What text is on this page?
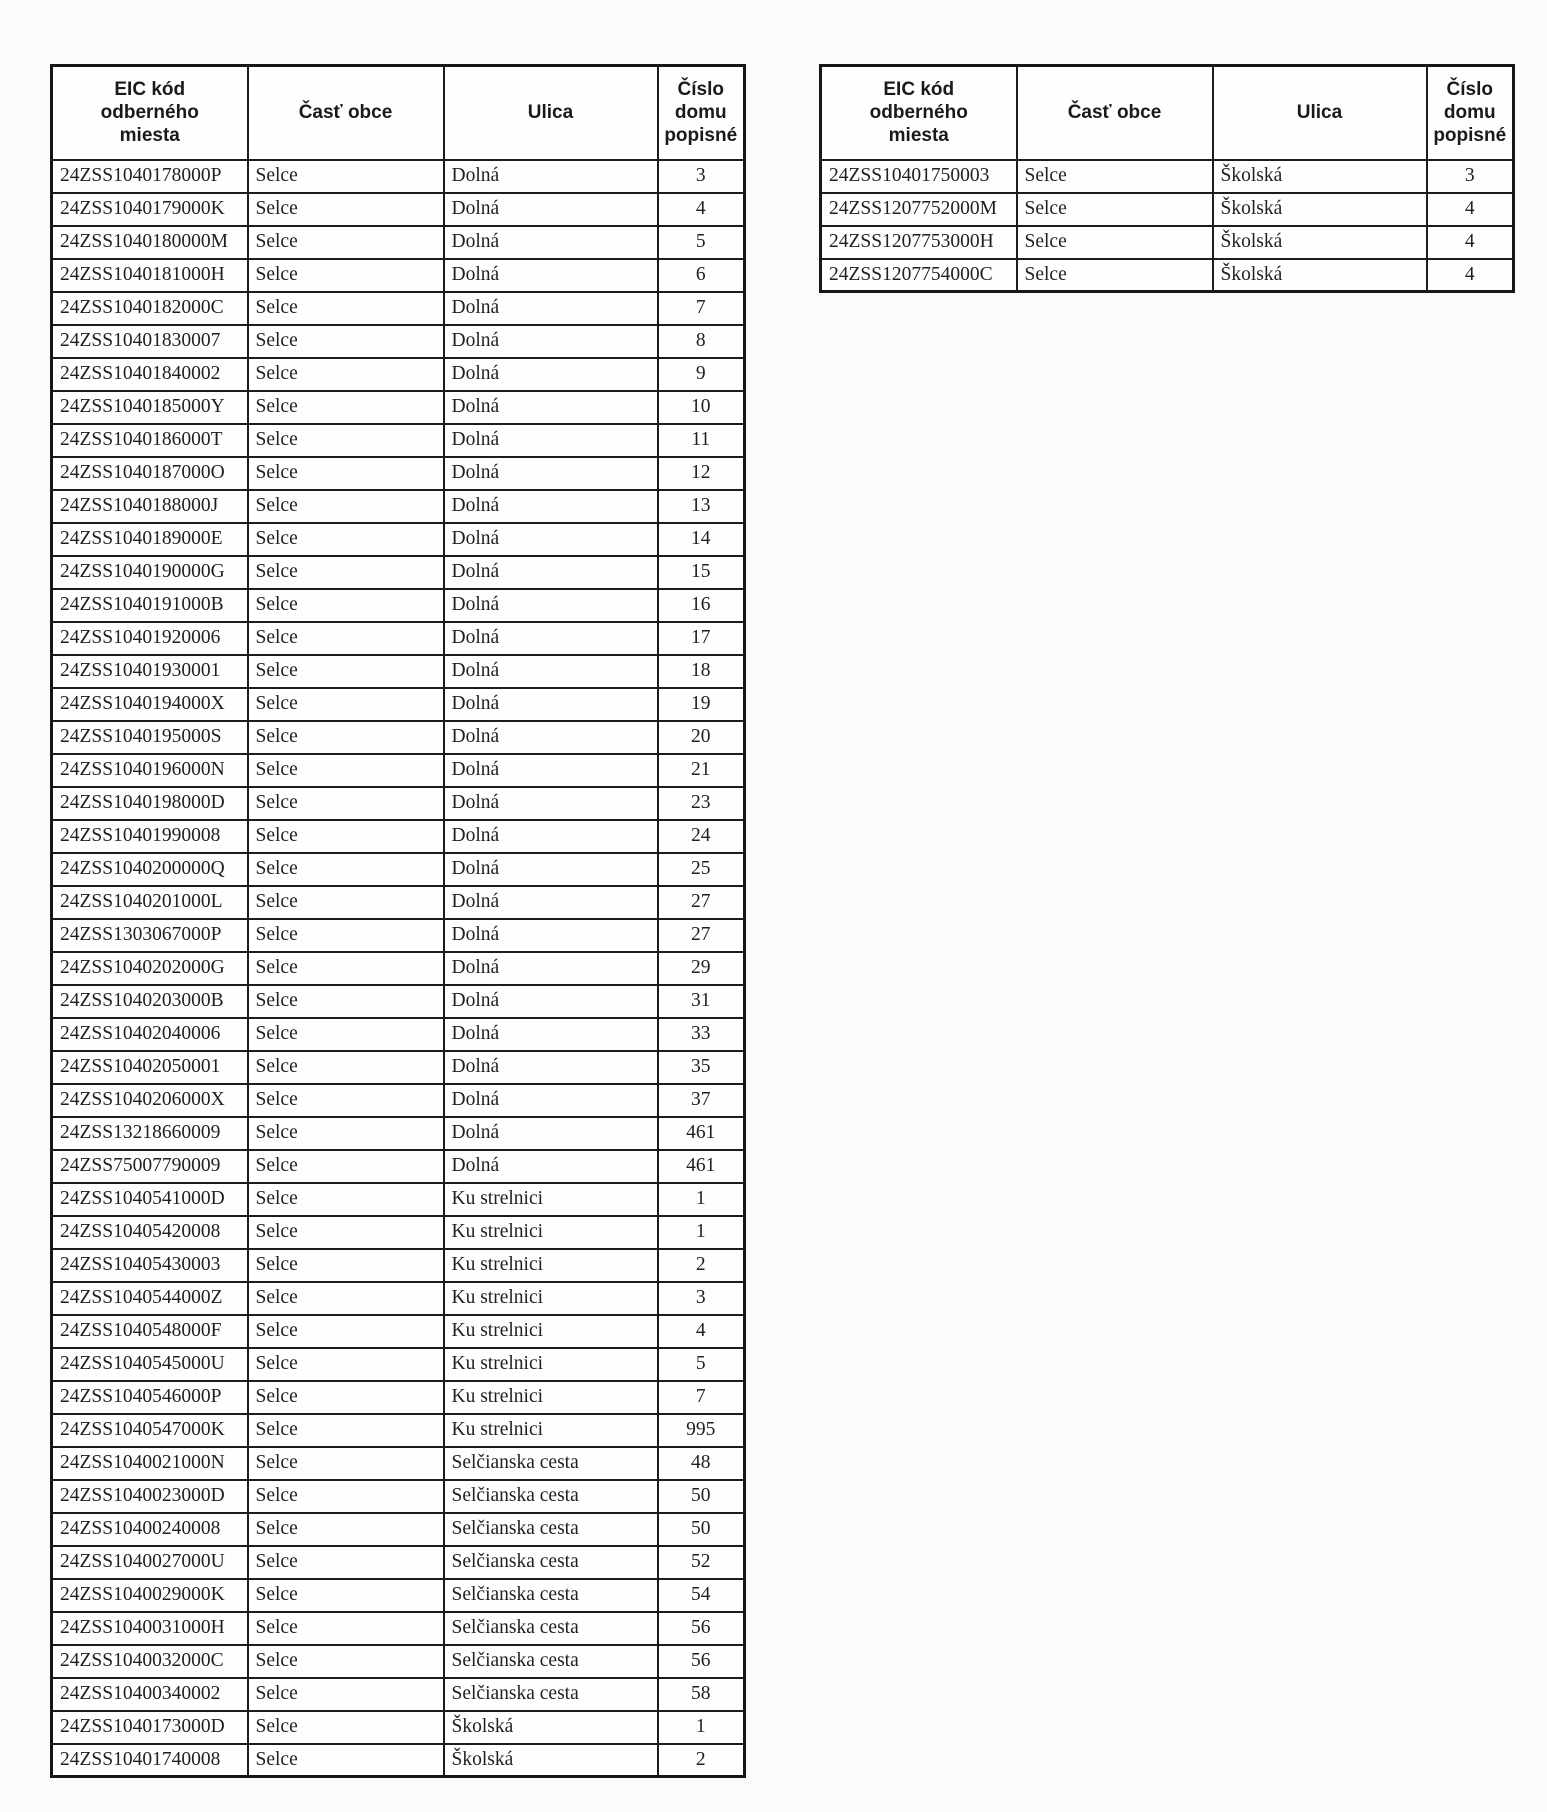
EIC kód odberného miesta	Časť obce	Ulica	Číslo domu popisné
24ZSS1040178000P	Selce	Dolná	3
24ZSS1040179000K	Selce	Dolná	4
24ZSS1040180000M	Selce	Dolná	5
24ZSS1040181000H	Selce	Dolná	6
24ZSS1040182000C	Selce	Dolná	7
24ZSS10401830007	Selce	Dolná	8
24ZSS10401840002	Selce	Dolná	9
24ZSS1040185000Y	Selce	Dolná	10
24ZSS1040186000T	Selce	Dolná	11
24ZSS1040187000O	Selce	Dolná	12
24ZSS1040188000J	Selce	Dolná	13
24ZSS1040189000E	Selce	Dolná	14
24ZSS1040190000G	Selce	Dolná	15
24ZSS1040191000B	Selce	Dolná	16
24ZSS10401920006	Selce	Dolná	17
24ZSS10401930001	Selce	Dolná	18
24ZSS1040194000X	Selce	Dolná	19
24ZSS1040195000S	Selce	Dolná	20
24ZSS1040196000N	Selce	Dolná	21
24ZSS1040198000D	Selce	Dolná	23
24ZSS10401990008	Selce	Dolná	24
24ZSS1040200000Q	Selce	Dolná	25
24ZSS1040201000L	Selce	Dolná	27
24ZSS1303067000P	Selce	Dolná	27
24ZSS1040202000G	Selce	Dolná	29
24ZSS1040203000B	Selce	Dolná	31
24ZSS10402040006	Selce	Dolná	33
24ZSS10402050001	Selce	Dolná	35
24ZSS1040206000X	Selce	Dolná	37
24ZSS13218660009	Selce	Dolná	461
24ZSS75007790009	Selce	Dolná	461
24ZSS1040541000D	Selce	Ku strelnici	1
24ZSS10405420008	Selce	Ku strelnici	1
24ZSS10405430003	Selce	Ku strelnici	2
24ZSS1040544000Z	Selce	Ku strelnici	3
24ZSS1040548000F	Selce	Ku strelnici	4
24ZSS1040545000U	Selce	Ku strelnici	5
24ZSS1040546000P	Selce	Ku strelnici	7
24ZSS1040547000K	Selce	Ku strelnici	995
24ZSS1040021000N	Selce	Selčianska cesta	48
24ZSS1040023000D	Selce	Selčianska cesta	50
24ZSS10400240008	Selce	Selčianska cesta	50
24ZSS1040027000U	Selce	Selčianska cesta	52
24ZSS1040029000K	Selce	Selčianska cesta	54
24ZSS1040031000H	Selce	Selčianska cesta	56
24ZSS1040032000C	Selce	Selčianska cesta	56
24ZSS10400340002	Selce	Selčianska cesta	58
24ZSS1040173000D	Selce	Školská	1
24ZSS10401740008	Selce	Školská	2
EIC kód odberného miesta	Časť obce	Ulica	Číslo domu popisné
24ZSS10401750003	Selce	Školská	3
24ZSS1207752000M	Selce	Školská	4
24ZSS1207753000H	Selce	Školská	4
24ZSS1207754000C	Selce	Školská	4
